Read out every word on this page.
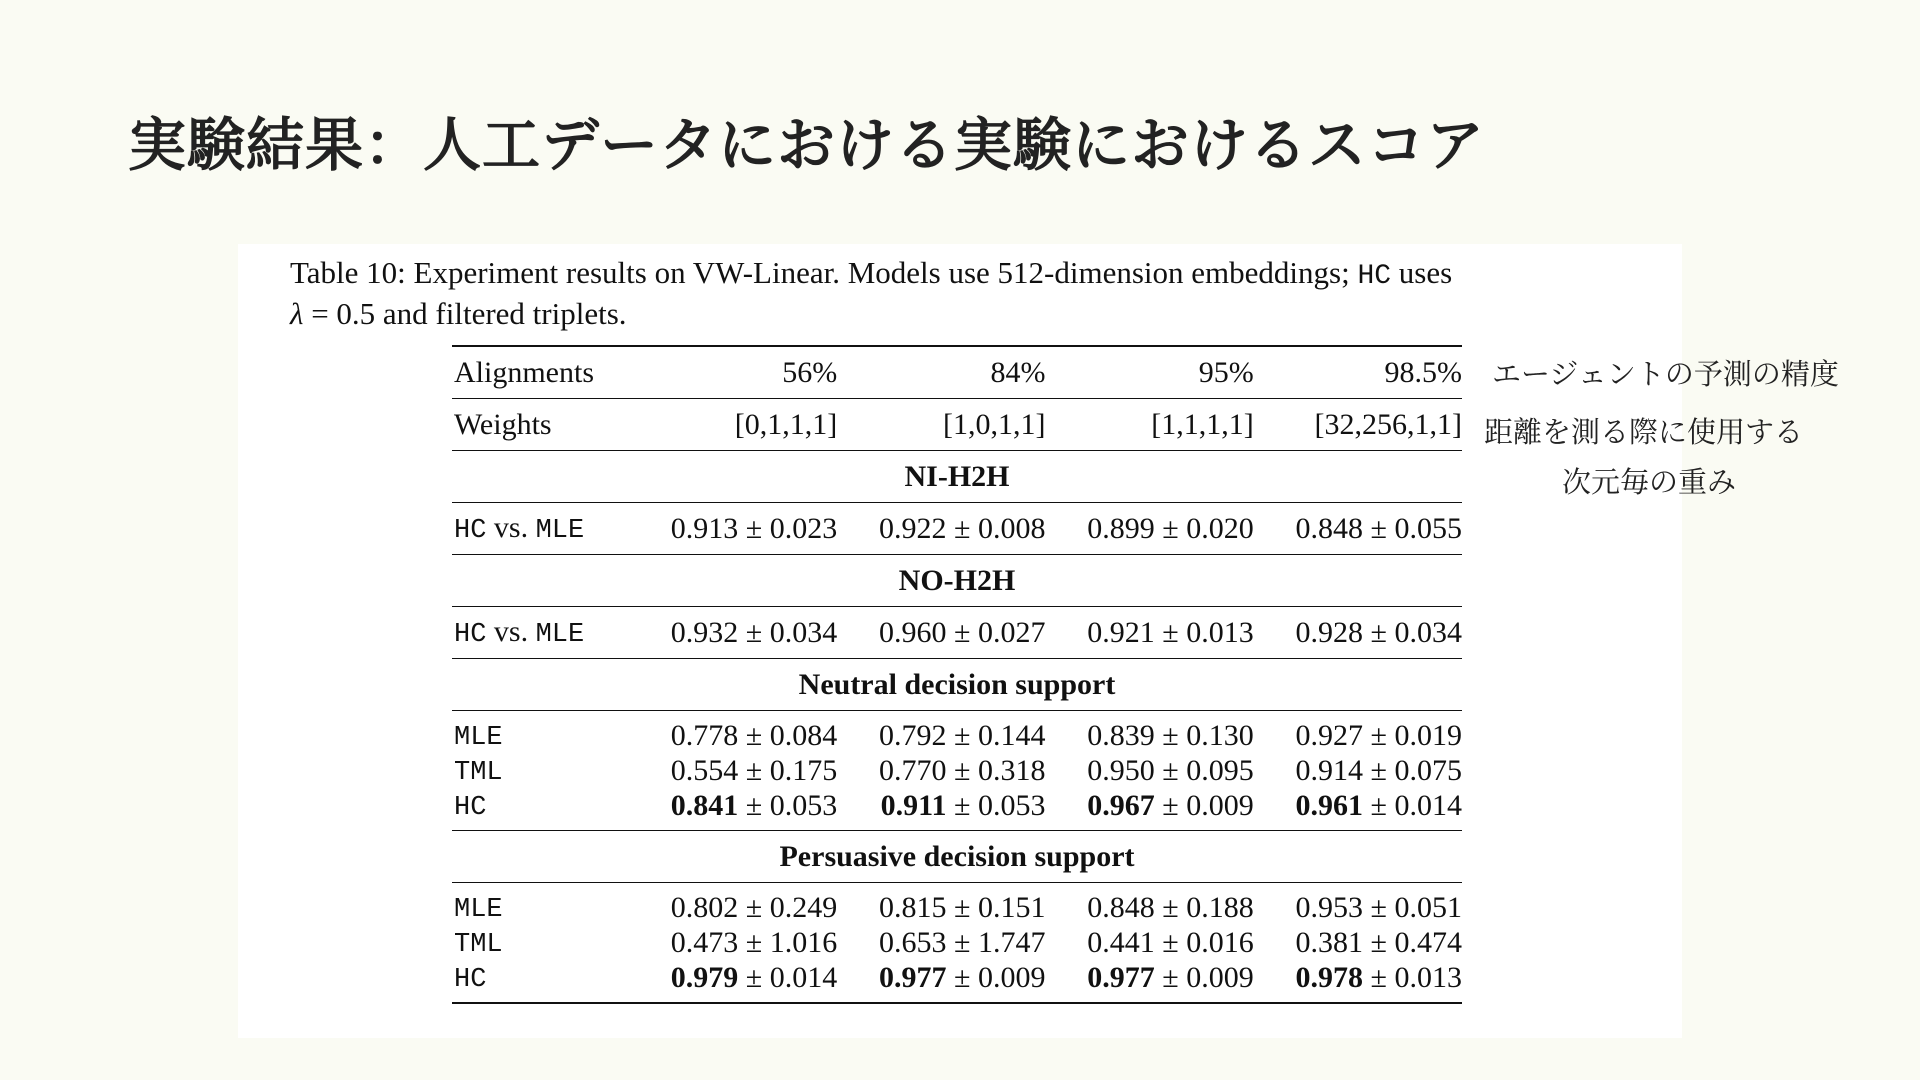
実験結果：人工データにおける実験におけるスコア
Table 10: Experiment results on VW-Linear. Models use 512-dimension embeddings; HC uses
λ = 0.5 and filtered triplets.
Alignments	56%	84%	95%	98.5%
Weights	[0,1,1,1]	[1,0,1,1]	[1,1,1,1]	[32,256,1,1]
NI-H2H				
HC vs. MLE	0.913 ± 0.023	0.922 ± 0.008	0.899 ± 0.020	0.848 ± 0.055
NO-H2H				
HC vs. MLE	0.932 ± 0.034	0.960 ± 0.027	0.921 ± 0.013	0.928 ± 0.034
Neutral decision support				
MLE	0.778 ± 0.084	0.792 ± 0.144	0.839 ± 0.130	0.927 ± 0.019
TML	0.554 ± 0.175	0.770 ± 0.318	0.950 ± 0.095	0.914 ± 0.075
HC	0.841 ± 0.053	0.911 ± 0.053	0.967 ± 0.009	0.961 ± 0.014
Persuasive decision support				
MLE	0.802 ± 0.249	0.815 ± 0.151	0.848 ± 0.188	0.953 ± 0.051
TML	0.473 ± 1.016	0.653 ± 1.747	0.441 ± 0.016	0.381 ± 0.474
HC	0.979 ± 0.014	0.977 ± 0.009	0.977 ± 0.009	0.978 ± 0.013
エージェントの予測の精度
距離を測る際に使用する
次元毎の重み
